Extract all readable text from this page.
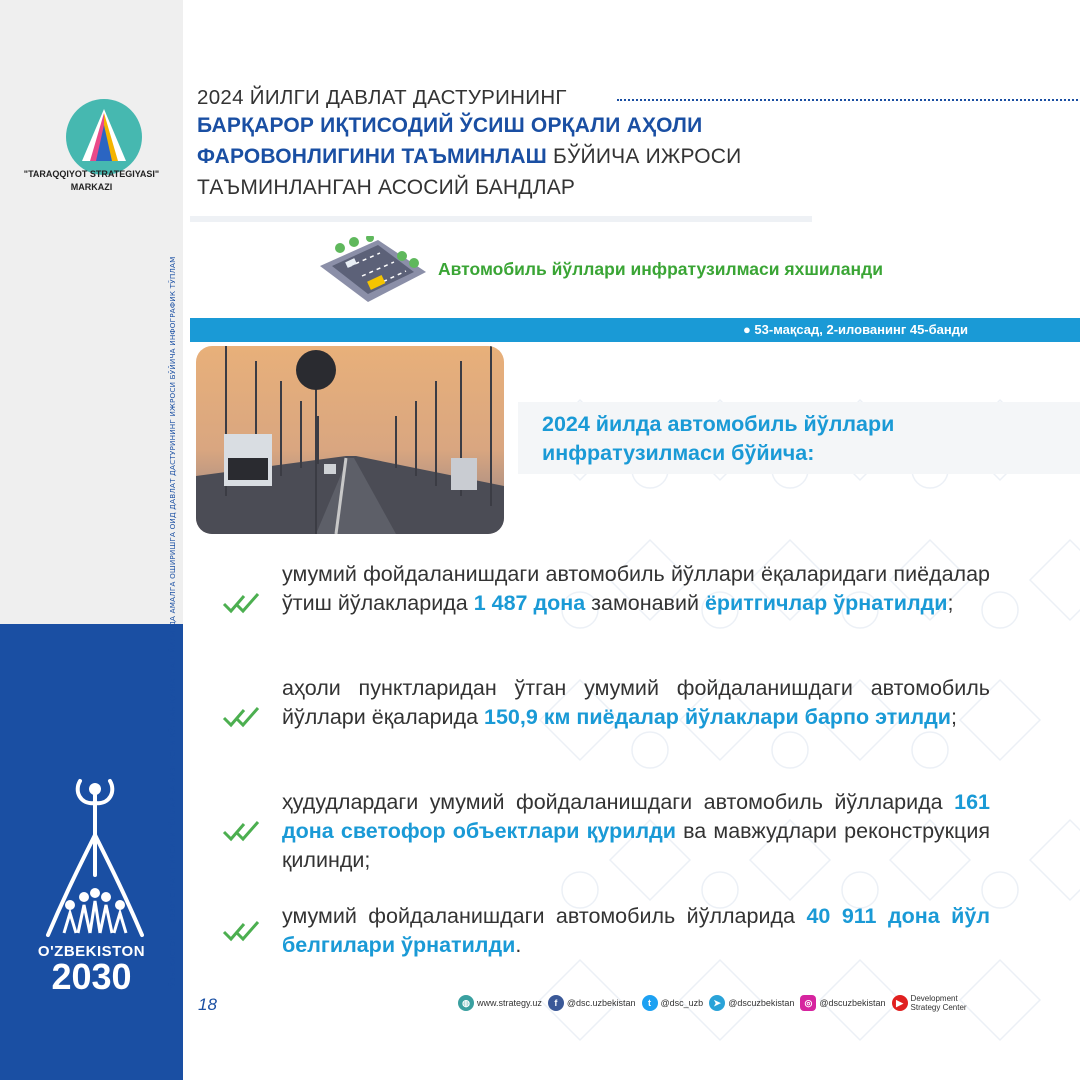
"ЎЗБЕКИСТОН — 2030" СТРАТЕГИЯСИНИ "ЁШЛАР ВА БИЗНЕСНИ ҚЎЛЛАБ-ҚУВВАТЛАШ ЙИЛИ"ДА АМАЛГА ОШИРИШГА ОИД ДАВЛАТ ДАСТУРИНИНГ ИЖРОСИ БЎЙИЧА ИНФОГРАФИК ТЎПЛАМ
"TARAQQIYOT STRATEGIYASI"
MARKAZI
2024 ЙИЛГИ ДАВЛАТ ДАСТУРИНИНГ
БАРҚАРОР ИҚТИСОДИЙ ЎСИШ ОРҚАЛИ АҲОЛИ
ФАРОВОНЛИГИНИ ТАЪМИНЛАШ БЎЙИЧА ИЖРОСИ
ТАЪМИНЛАНГАН АСОСИЙ БАНДЛАР
Автомобиль йўллари инфратузилмаси яхшиланди
● 53-мақсад, 2-илованинг 45-банди
2024 йилда автомобиль йўллари
инфратузилмаси бўйича:
умумий фойдаланишдаги автомобиль йўллари ёқаларидаги пиёдалар ўтиш йўлакларида 1 487 дона замонавий ёритгичлар ўрнатилди;
аҳоли пунктларидан ўтган умумий фойдаланишдаги автомобиль йўллари ёқаларида 150,9 км пиёдалар йўлаклари барпо этилди;
ҳудудлардаги умумий фойдаланишдаги автомобиль йўлларида 161 дона светофор объектлари қурилди ва мавжудлари реконструкция қилинди;
умумий фойдаланишдаги автомобиль йўлларида 40 911 дона йўл белгилари ўрнатилди.
18	◍ www.strategy.uz	f	@dsc.uzbekistan	t	@dsc_uzb	➤ @dscuzbekistan	◎ @dscuzbekistan	▶ Development
Strategy Center
O'ZBEKISTON
2030
